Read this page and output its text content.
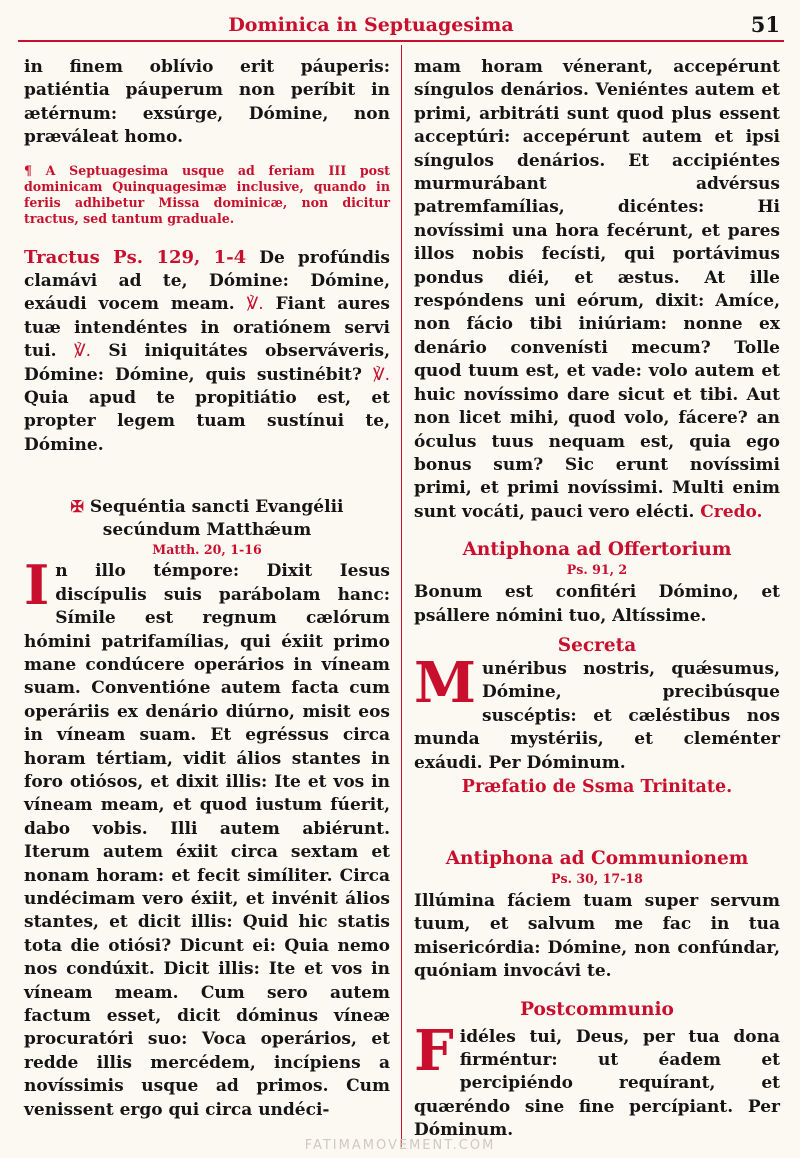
Dominica in Septuagesima	51

in finem oblívio erit páuperis: patiéntia páuperum non períbit in ætérnum: exsúrge, Dómine, non præváleat homo.

¶ A Septuagesima usque ad feriam III post dominicam Quinquagesimæ inclusive, quando in feriis adhibetur Missa dominicæ, non dicitur tractus, sed tantum graduale.

Tractus Ps. 129, 1-4 De profúndis clamávi ad te, Dómine: Dómine, exáudi vocem meam. ℣. Fiant aures tuæ intendéntes in oratiónem servi tui. ℣. Si iniquitátes observáveris, Dómine: Dómine, quis sustinébit? ℣. Quia apud te propitiátio est, et propter legem tuam sustínui te, Dómine.

✠ Sequéntia sancti Evangélii secúndum Matthǽum
Matth. 20, 1-16

In illo témpore: Dixit Iesus discípulis suis parábolam hanc: Símile est regnum cælórum hómini patrifamílias, qui éxiit primo mane condúcere operários in víneam suam. Conventióne autem facta cum operáriis ex denário diúrno, misit eos in víneam suam. Et egréssus circa horam tértiam, vidit álios stantes in foro otiósos, et dixit illis: Ite et vos in víneam meam, et quod iustum fúerit, dabo vobis. Illi autem abiérunt. Iterum autem éxiit circa sextam et nonam horam: et fecit simíliter. Circa undécimam vero éxiit, et invénit álios stantes, et dicit illis: Quid hic statis tota die otiósi? Dicunt ei: Quia nemo nos condúxit. Dicit illis: Ite et vos in víneam meam. Cum sero autem factum esset, dicit dóminus víneæ procuratóri suo: Voca operários, et redde illis mercédem, incípiens a novíssimis usque ad primos. Cum venissent ergo qui circa undéci-

mam horam vénerant, accepérunt síngulos denários. Veniéntes autem et primi, arbitráti sunt quod plus essent acceptúri: accepérunt autem et ipsi síngulos denários. Et accipiéntes murmurábant advérsus patremfamílias, dicéntes: Hi novíssimi una hora fecérunt, et pares illos nobis fecísti, qui portávimus pondus diéi, et æstus. At ille respóndens uni eórum, dixit: Amíce, non fácio tibi iniúriam: nonne ex denário convenísti mecum? Tolle quod tuum est, et vade: volo autem et huic novíssimo dare sicut et tibi. Aut non licet mihi, quod volo, fácere? an óculus tuus nequam est, quia ego bonus sum? Sic erunt novíssimi primi, et primi novíssimi. Multi enim sunt vocáti, pauci vero elécti. Credo.

Antiphona ad Offertorium
Ps. 91, 2

Bonum est confitéri Dómino, et psállere nómini tuo, Altíssime.

Secreta

Munéribus nostris, quǽsumus, Dómine, precibúsque suscéptis: et cæléstibus nos munda mystériis, et cleménter exáudi. Per Dóminum.

Præfatio de Ssma Trinitate.
Antiphona ad Communionem
Ps. 30, 17-18

Illúmina fáciem tuam super servum tuum, et salvum me fac in tua misericórdia: Dómine, non confúndar, quóniam invocávi te.

Postcommunio

Fidéles tui, Deus, per tua dona firméntur: ut éadem et percipiéndo requírant, et quæréndo sine fine percípiant. Per Dóminum.

FATIMAMOVEMENT.COM
